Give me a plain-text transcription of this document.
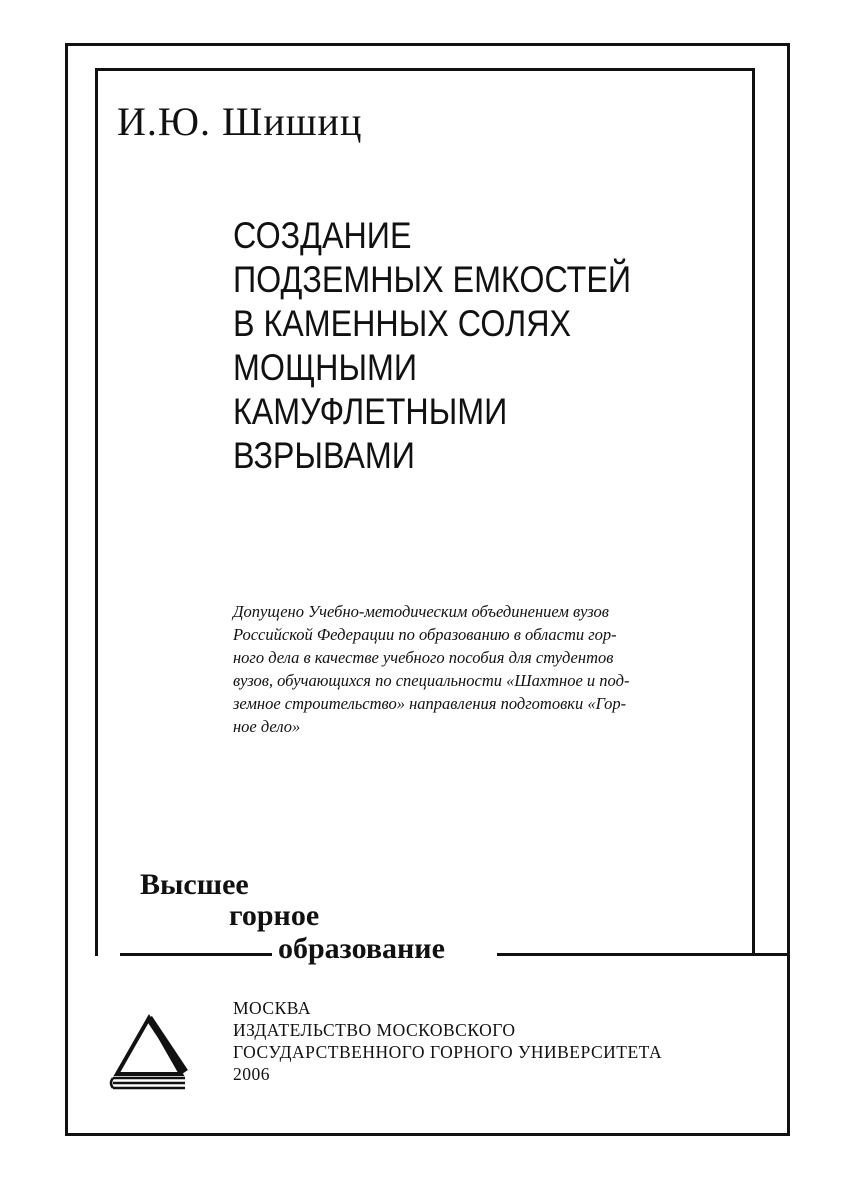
И.Ю. Шишиц
СОЗДАНИЕ
ПОДЗЕМНЫХ ЕМКОСТЕЙ
В КАМЕННЫХ СОЛЯХ
МОЩНЫМИ
КАМУФЛЕТНЫМИ
ВЗРЫВАМИ

Допущено Учебно-методическим объединением вузов
Российской Федерации по образованию в области гор-
ного дела в качестве учебного пособия для студентов
вузов, обучающихся по специальности «Шахтное и под-
земное строительство» направления подготовки «Гор-
ное дело»

Высшее
горное
образование
МОСКВА
ИЗДАТЕЛЬСТВО МОСКОВСКОГО
ГОСУДАРСТВЕННОГО ГОРНОГО УНИВЕРСИТЕТА
2006
